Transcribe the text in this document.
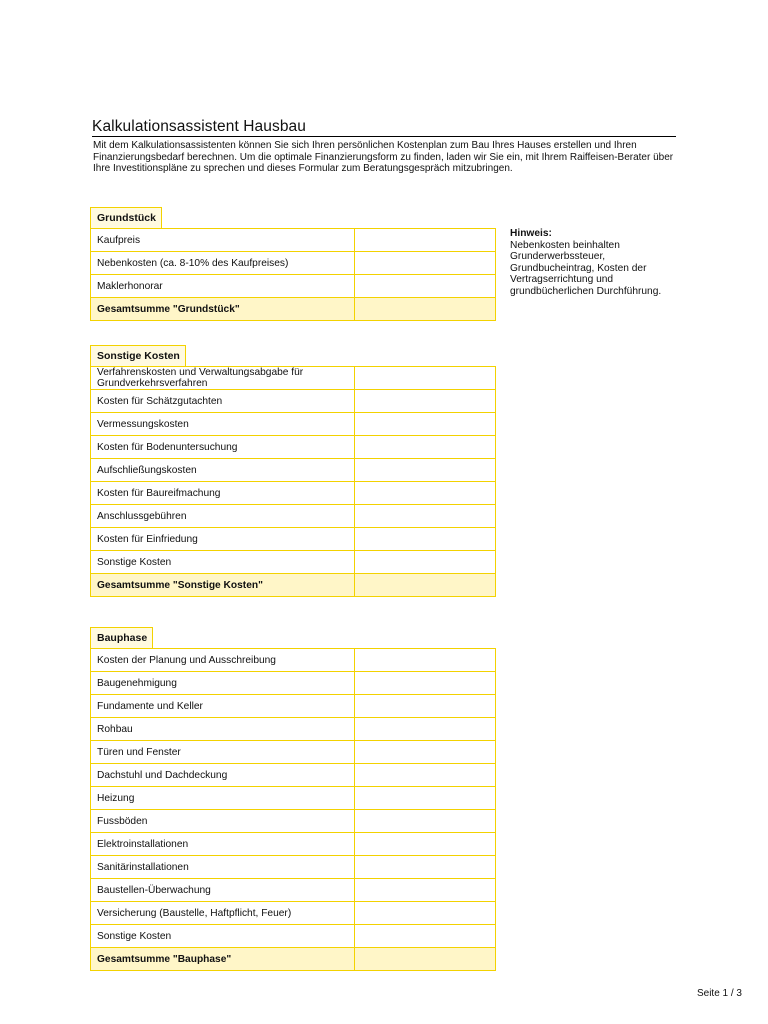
Kalkulationsassistent Hausbau

Mit dem Kalkulationsassistenten können Sie sich Ihren persönlichen Kostenplan zum Bau Ihres Hauses erstellen und Ihren Finanzierungsbedarf berechnen. Um die optimale Finanzierungsform zu finden, laden wir Sie ein, mit Ihrem Raiffeisen-Berater über Ihre Investitionspläne zu sprechen und dieses Formular zum Beratungsgespräch mitzubringen.

Grundstück
Kaufpreis	
Nebenkosten (ca. 8-10% des Kaufpreises)	
Maklerhonorar	
Gesamtsumme "Grundstück"	
Hinweis:
Nebenkosten beinhalten Grunderwerbssteuer, Grundbucheintrag, Kosten der Vertragserrichtung und grundbücherlichen Durchführung.
Sonstige Kosten
Verfahrenskosten und Verwaltungsabgabe für Grundverkehrsverfahren	
Kosten für Schätzgutachten	
Vermessungskosten	
Kosten für Bodenuntersuchung	
Aufschließungskosten	
Kosten für Baureifmachung	
Anschlussgebühren	
Kosten für Einfriedung	
Sonstige Kosten	
Gesamtsumme "Sonstige Kosten"	
Bauphase
Kosten der Planung und Ausschreibung	
Baugenehmigung	
Fundamente und Keller	
Rohbau	
Türen und Fenster	
Dachstuhl und Dachdeckung	
Heizung	
Fussböden	
Elektroinstallationen	
Sanitärinstallationen	
Baustellen-Überwachung	
Versicherung (Baustelle, Haftpflicht, Feuer)	
Sonstige Kosten	
Gesamtsumme "Bauphase"	
Seite 1 / 3
